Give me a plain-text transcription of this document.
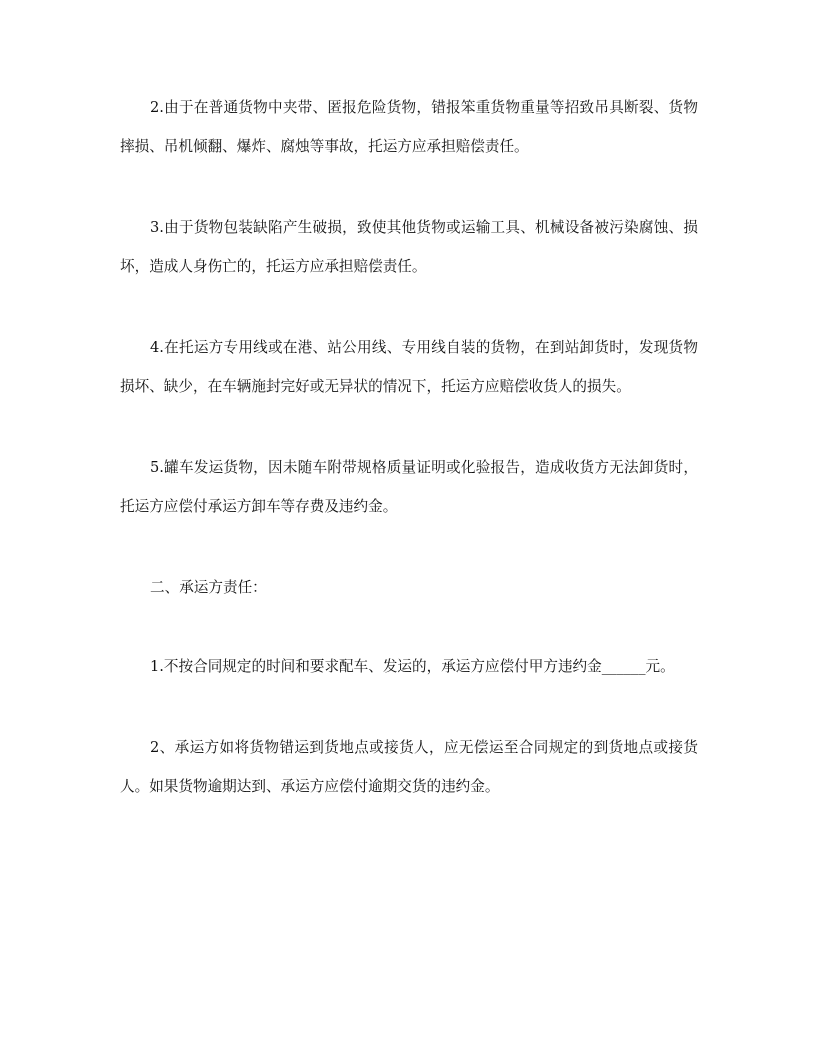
2.由于在普通货物中夹带、匿报危险货物，错报笨重货物重量等招致吊具断裂、货物摔损、吊机倾翻、爆炸、腐烛等事故，托运方应承担赔偿责任。

3.由于货物包装缺陷产生破损，致使其他货物或运输工具、机械设备被污染腐蚀、损坏，造成人身伤亡的，托运方应承担赔偿责任。

4.在托运方专用线或在港、站公用线、专用线自装的货物，在到站卸货时，发现货物损坏、缺少，在车辆施封完好或无异状的情况下，托运方应赔偿收货人的损失。

5.罐车发运货物，因未随车附带规格质量证明或化验报告，造成收货方无法卸货时，托运方应偿付承运方卸车等存费及违约金。

二、承运方责任：

1.不按合同规定的时间和要求配车、发运的，承运方应偿付甲方违约金______元。

2、承运方如将货物错运到货地点或接货人，应无偿运至合同规定的到货地点或接货人。如果货物逾期达到、承运方应偿付逾期交货的违约金。
